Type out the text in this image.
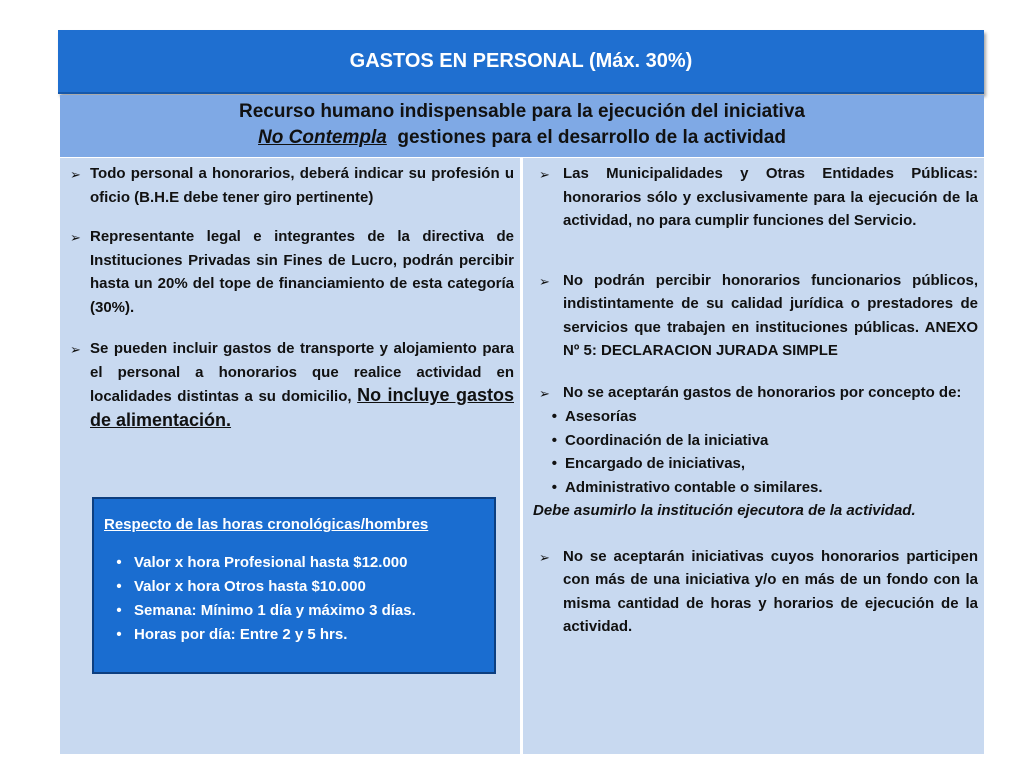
GASTOS EN PERSONAL (Máx. 30%)
Recurso humano indispensable para la ejecución del iniciativa
No Contempla  gestiones para el desarrollo de la actividad
➢ Todo personal a honorarios, deberá indicar su profesión u oficio (B.H.E debe tener giro pertinente)
➢ Representante legal e integrantes de la directiva de Instituciones Privadas sin Fines de Lucro, podrán percibir hasta un 20% del tope de financiamiento de esta categoría (30%).
➢ Se pueden incluir gastos de transporte y alojamiento para el personal a honorarios que realice actividad en localidades distintas a su domicilio, No incluye gastos de alimentación.
Respecto de las horas cronológicas/hombres
• Valor x hora Profesional hasta $12.000
• Valor x hora Otros hasta $10.000
• Semana: Mínimo 1 día y máximo 3 días.
• Horas por día: Entre 2 y 5 hrs.
➢ Las Municipalidades y Otras Entidades Públicas: honorarios sólo y exclusivamente para la ejecución de la actividad, no para cumplir funciones del Servicio.
➢ No podrán percibir honorarios funcionarios públicos, indistintamente de su calidad jurídica o prestadores de servicios que trabajen en instituciones públicas. ANEXO Nº 5: DECLARACION JURADA SIMPLE
➢ No se aceptarán gastos de honorarios por concepto de:
• Asesorías
• Coordinación de la iniciativa
• Encargado de iniciativas,
• Administrativo contable o similares.
Debe asumirlo la institución ejecutora de la actividad.
➢ No se aceptarán iniciativas cuyos honorarios participen con más de una iniciativa y/o en más de un fondo con la misma cantidad de horas y horarios de ejecución de la actividad.
